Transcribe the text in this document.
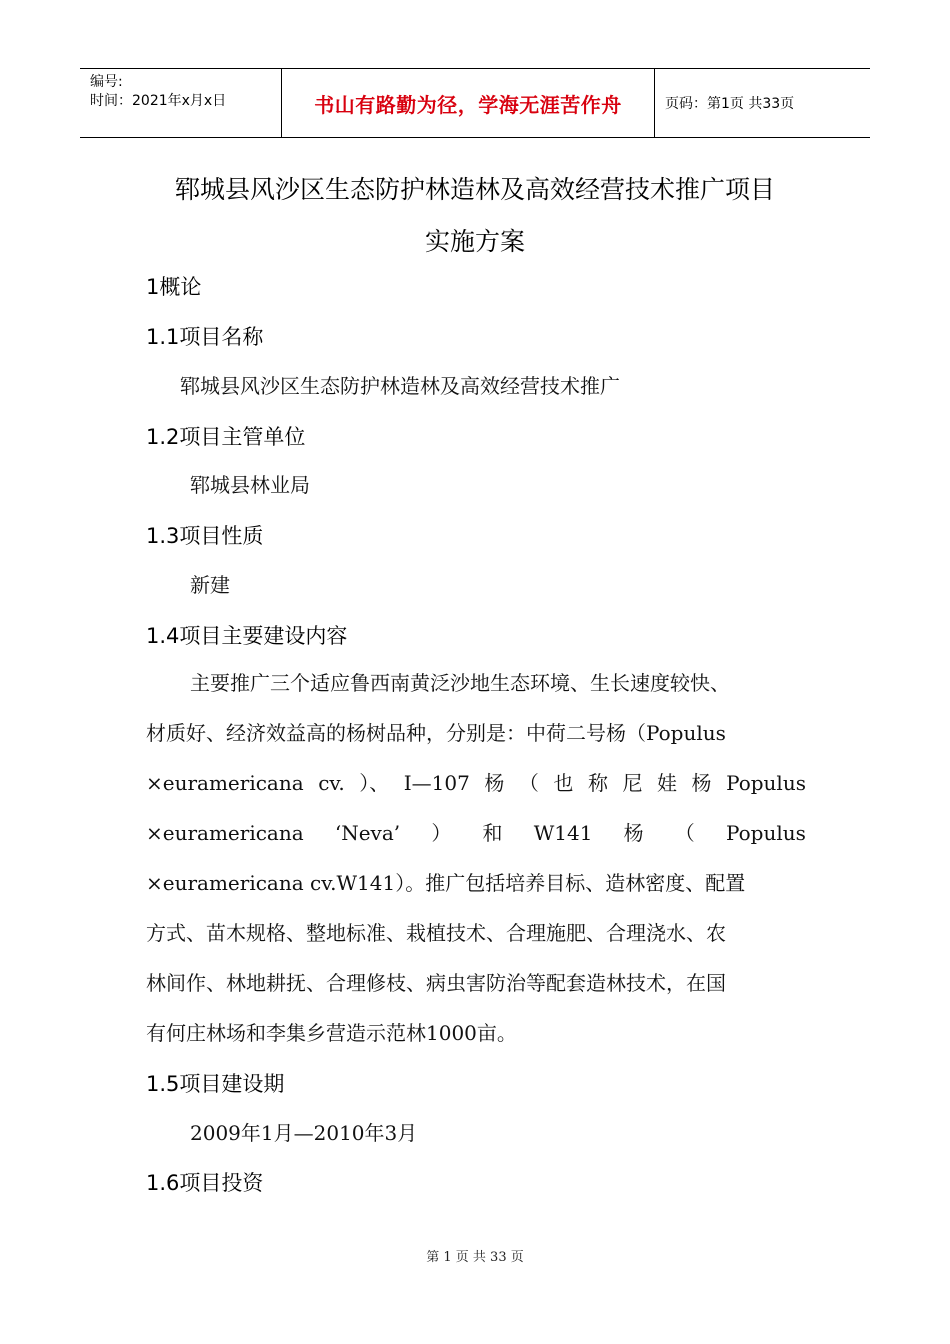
编号:
时间：2021年x月x日	书山有路勤为径，学海无涯苦作舟	页码：第1页 共33页
郓城县风沙区生态防护林造林及高效经营技术推广项目
实施方案
1概论
1.1项目名称
郓城县风沙区生态防护林造林及高效经营技术推广
1.2项目主管单位
郓城县林业局
1.3项目性质
新建
1.4项目主要建设内容
主要推广三个适应鲁西南黄泛沙地生态环境、生长速度较快、
材质好、经济效益高的杨树品种，分别是：中荷二号杨（Populus
×euramericana cv. ）、 I—107 杨 （ 也 称 尼 娃 杨 Populus
×euramericana ‘Neva’ ） 和 W141 杨 （ Populus
×euramericana cv.W141）。推广包括培养目标、造林密度、配置
方式、苗木规格、整地标准、栽植技术、合理施肥、合理浇水、农
林间作、林地耕抚、合理修枝、病虫害防治等配套造林技术，在国
有何庄林场和李集乡营造示范林1000亩。
1.5项目建设期
2009年1月—2010年3月
1.6项目投资
第 1 页 共 33 页
